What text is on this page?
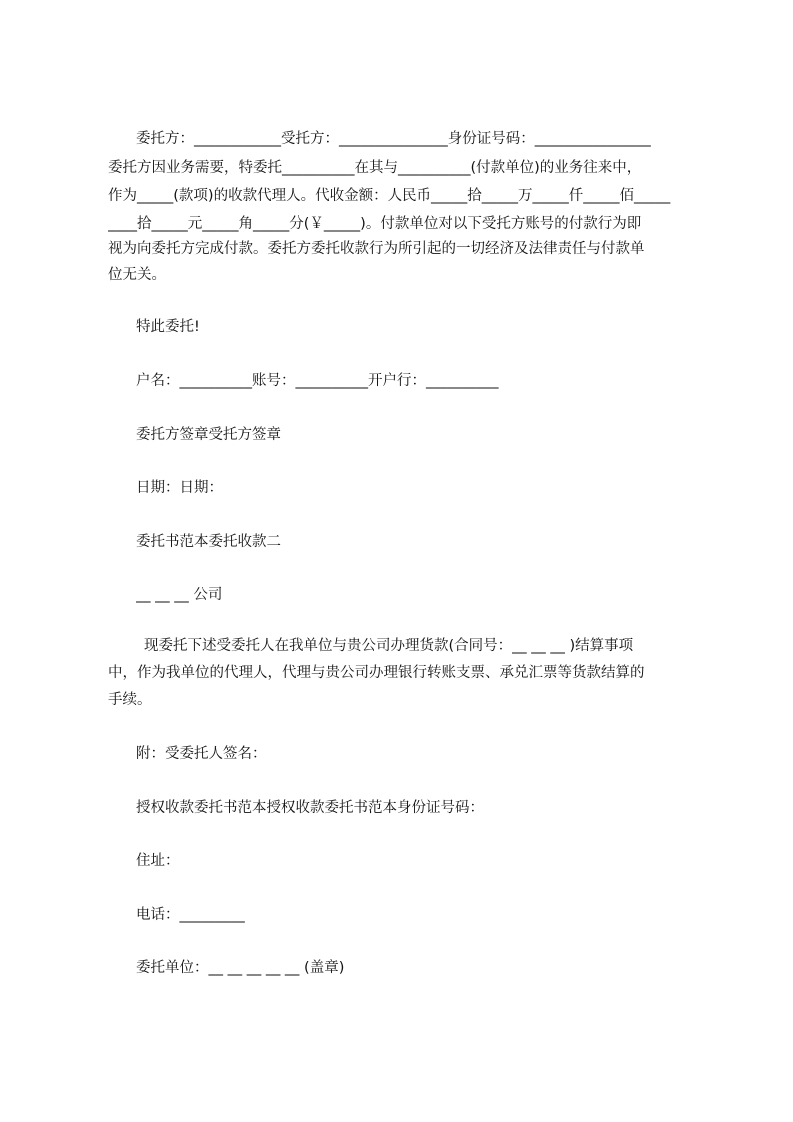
委托方：____________受托方：_______________身份证号码：________________
委托方因业务需要，特委托__________在其与__________(付款单位)的业务往来中，
作为_____(款项)的收款代理人。代收金额：人民币_____拾_____万_____仟_____佰_____
____拾_____元_____角_____分(￥_____)。付款单位对以下受托方账号的付款行为即
视为向委托方完成付款。委托方委托收款行为所引起的一切经济及法律责任与付款单
位无关。
特此委托!
户名：__________账号：__________开户行：__________
委托方签章受托方签章
日期：日期：
委托书范本委托收款二
__ __ __ 公司
现委托下述受委托人在我单位与贵公司办理货款(合同号：__ __ __ )结算事项
中，作为我单位的代理人，代理与贵公司办理银行转账支票、承兑汇票等货款结算的
手续。
附：受委托人签名：
授权收款委托书范本授权收款委托书范本身份证号码：
住址：
电话：_________
委托单位：__ __ __ __ __ (盖章)
